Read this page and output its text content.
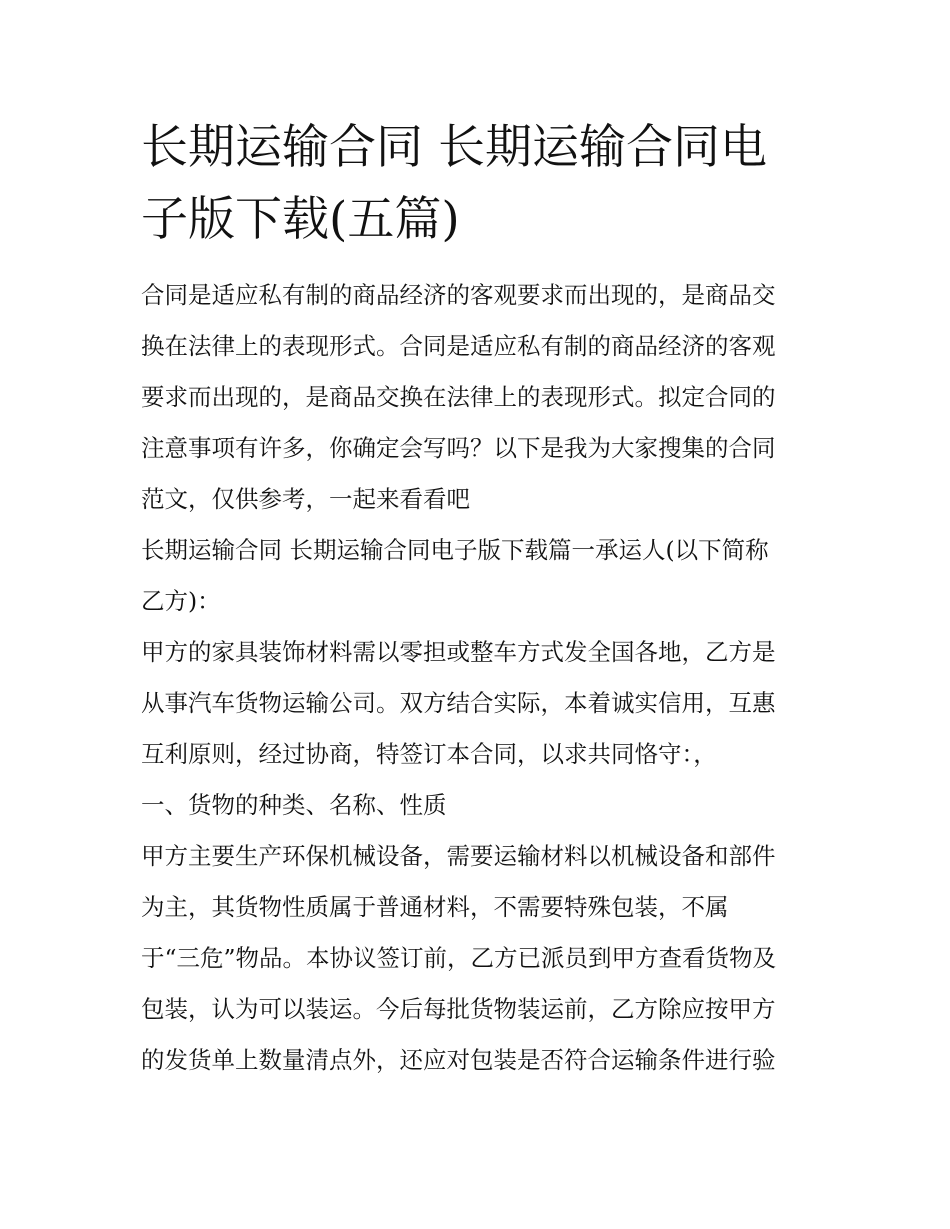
长期运输合同 长期运输合同电
子版下载(五篇)

合同是适应私有制的商品经济的客观要求而出现的，是商品交
换在法律上的表现形式。合同是适应私有制的商品经济的客观
要求而出现的，是商品交换在法律上的表现形式。拟定合同的
注意事项有许多，你确定会写吗？以下是我为大家搜集的合同
范文，仅供参考，一起来看看吧

长期运输合同 长期运输合同电子版下载篇一承运人(以下简称
乙方)：

甲方的家具装饰材料需以零担或整车方式发全国各地，乙方是
从事汽车货物运输公司。双方结合实际，本着诚实信用，互惠
互利原则，经过协商，特签订本合同，以求共同恪守：，

一、货物的种类、名称、性质

甲方主要生产环保机械设备，需要运输材料以机械设备和部件
为主，其货物性质属于普通材料，不需要特殊包装，不属
于“三危”物品。本协议签订前，乙方已派员到甲方查看货物及
包装，认为可以装运。今后每批货物装运前，乙方除应按甲方
的发货单上数量清点外，还应对包装是否符合运输条件进行验
